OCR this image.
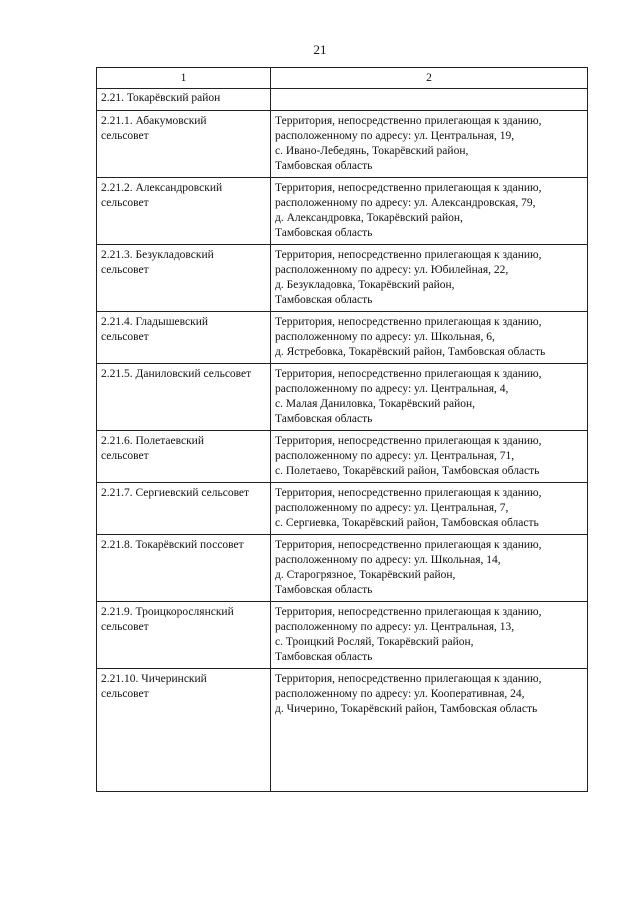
21
1	2
2.21. Токарёвский район	
2.21.1. Абакумовский
сельсовет	Территория, непосредственно прилегающая к зданию,
расположенному по адресу: ул. Центральная, 19,
с. Ивано-Лебедянь, Токарёвский район,
Тамбовская область
2.21.2. Александровский
сельсовет	Территория, непосредственно прилегающая к зданию,
расположенному по адресу: ул. Александровская, 79,
д. Александровка, Токарёвский район,
Тамбовская область
2.21.3. Безукладовский
сельсовет	Территория, непосредственно прилегающая к зданию,
расположенному по адресу: ул. Юбилейная, 22,
д. Безукладовка, Токарёвский район,
Тамбовская область
2.21.4. Гладышевский
сельсовет	Территория, непосредственно прилегающая к зданию,
расположенному по адресу: ул. Школьная, 6,
д. Ястребовка, Токарёвский район, Тамбовская область
2.21.5. Даниловский сельсовет	Территория, непосредственно прилегающая к зданию,
расположенному по адресу: ул. Центральная, 4,
с. Малая Даниловка, Токарёвский район,
Тамбовская область
2.21.6. Полетаевский
сельсовет	Территория, непосредственно прилегающая к зданию,
расположенному по адресу: ул. Центральная, 71,
с. Полетаево, Токарёвский район, Тамбовская область
2.21.7. Сергиевский сельсовет	Территория, непосредственно прилегающая к зданию,
расположенному по адресу: ул. Центральная, 7,
с. Сергиевка, Токарёвский район, Тамбовская область
2.21.8. Токарёвский поссовет	Территория, непосредственно прилегающая к зданию,
расположенному по адресу: ул. Школьная, 14,
д. Старогрязное, Токарёвский район,
Тамбовская область
2.21.9. Троицкорослянский
сельсовет	Территория, непосредственно прилегающая к зданию,
расположенному по адресу: ул. Центральная, 13,
с. Троицкий Росляй, Токарёвский район,
Тамбовская область
2.21.10. Чичеринский
сельсовет	Территория, непосредственно прилегающая к зданию,
расположенному по адресу: ул. Кооперативная, 24,
д. Чичерино, Токарёвский район, Тамбовская область
